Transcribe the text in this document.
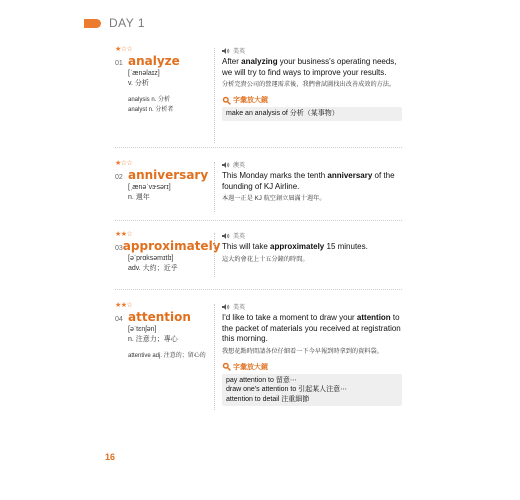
DAY 1
★☆☆
01 analyze
[ˈænəlaɪz]
v. 分析
analysis n. 分析
analyst n. 分析者
美英
After analyzing your business's operating needs, we will try to find ways to improve your results.
分析完貴公司的營運需求後，我們會試圖找出改善成效的方法。
字彙放大鏡
make an analysis of 分析（某事物）
★☆☆
02 anniversary
[ˌænəˈvɝsərɪ]
n. 週年
澳英
This Monday marks the tenth anniversary of the founding of KJ Airline.
本週一正是 KJ 航空創立屆滿十週年。
★★☆
03 approximately
[əˈprɑksəmɪtlɪ]
adv. 大約；近乎
美英
This will take approximately 15 minutes.
這大約會花上十五分鐘的時間。
★★☆
04 attention
[əˈtɛnʃən]
n. 注意力；專心
attentive adj. 注意的；留心的
美英
I'd like to take a moment to draw your attention to the packet of materials you received at registration this morning.
我想花點時間請各位仔細看一下今早報到時拿到的資料袋。
字彙放大鏡
pay attention to 留意⋯
draw one's attention to 引起某人注意⋯
attention to detail 注重細節
16
